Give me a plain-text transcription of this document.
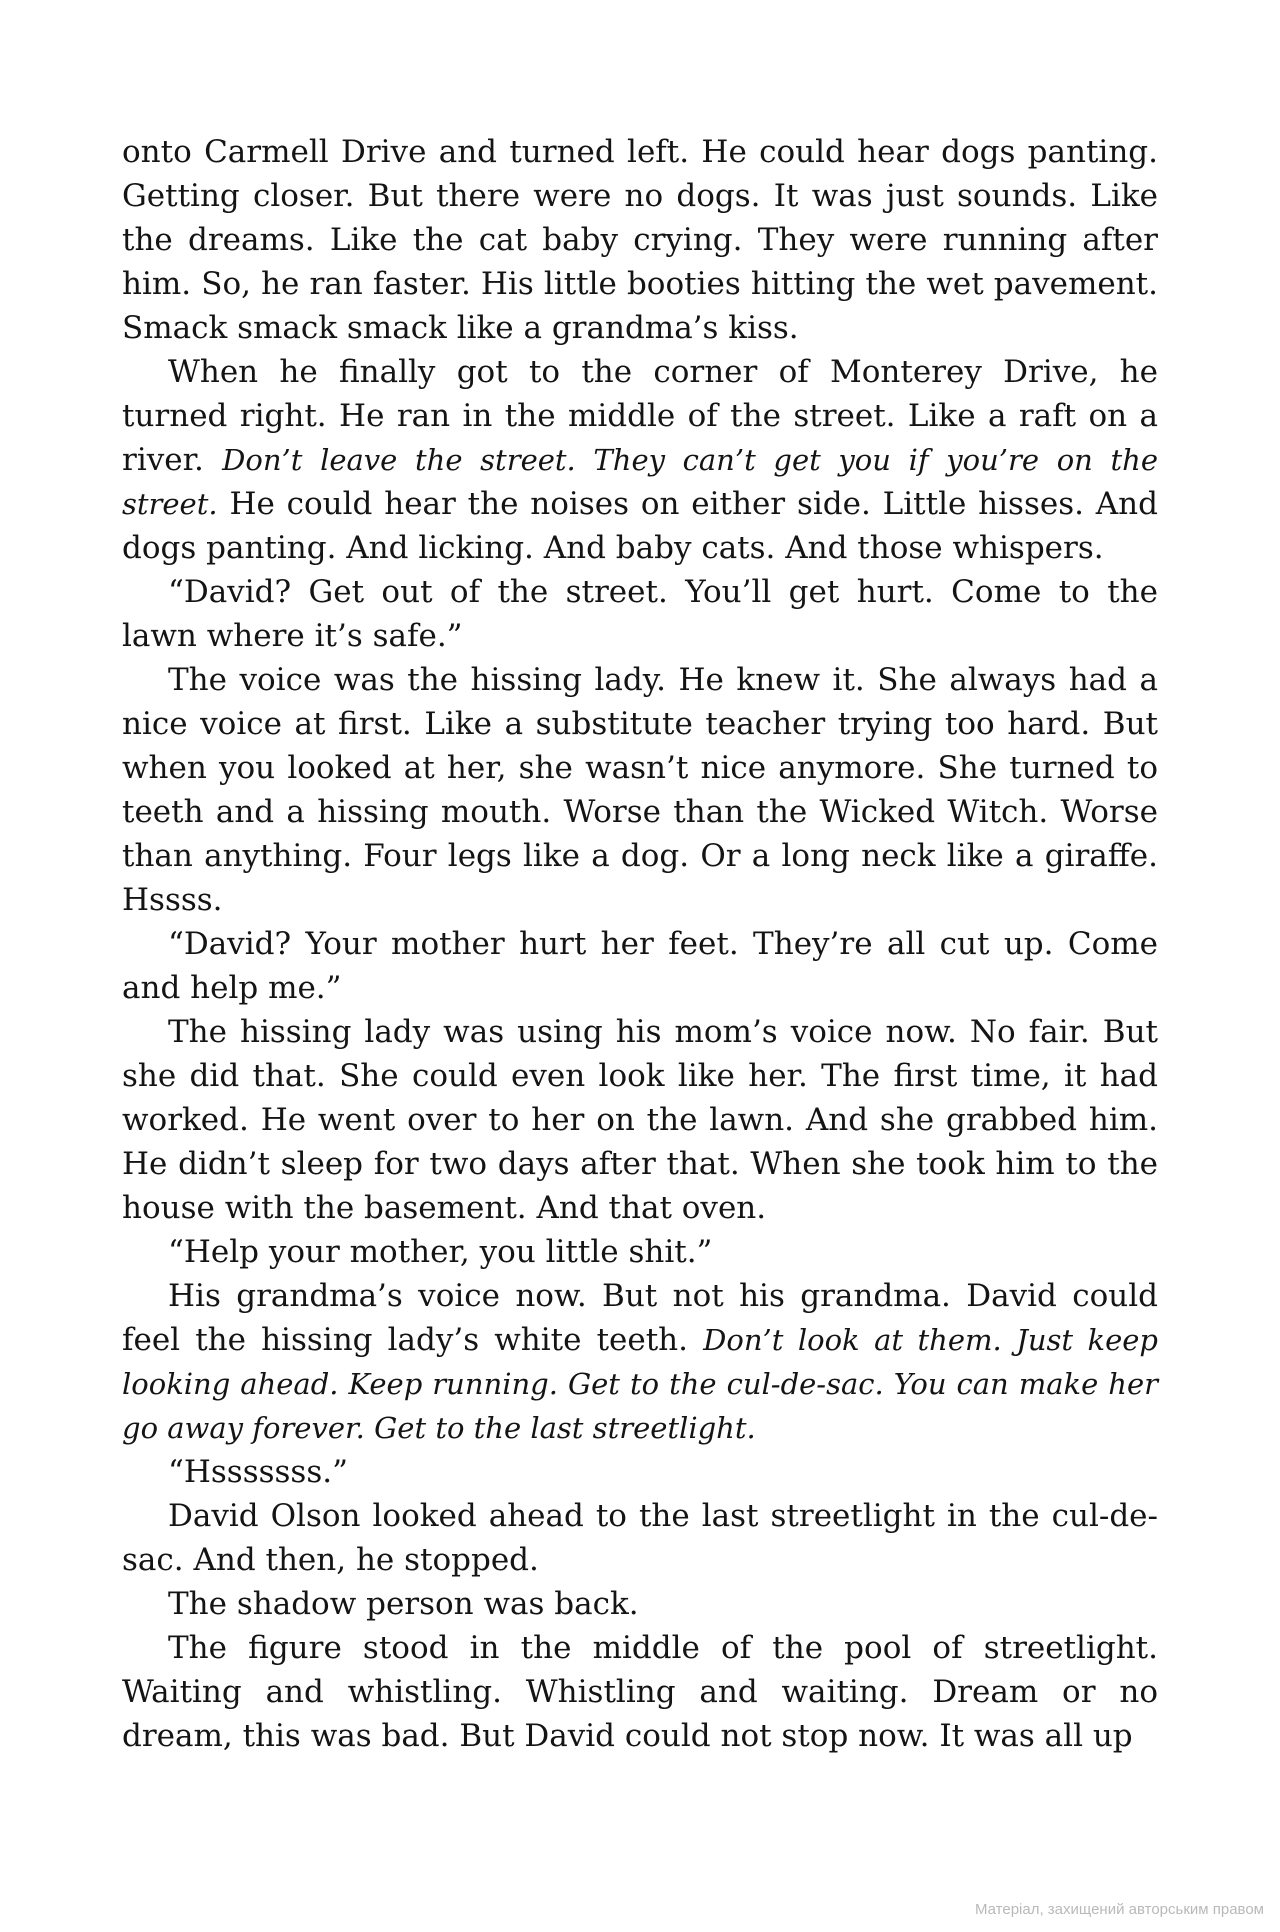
onto Carmell Drive and turned left. He could hear dogs panting. Getting closer. But there were no dogs. It was just sounds. Like the dreams. Like the cat baby crying. They were running after him. So, he ran faster. His little booties hitting the wet pavement. Smack smack smack like a grandma’s kiss.

When he finally got to the corner of Monterey Drive, he turned right. He ran in the middle of the street. Like a raft on a river. Don’t leave the street. They can’t get you if you’re on the street. He could hear the noises on either side. Little hisses. And dogs panting. And licking. And baby cats. And those whispers.

“David? Get out of the street. You’ll get hurt. Come to the lawn where it’s safe.”

The voice was the hissing lady. He knew it. She always had a nice voice at first. Like a substitute teacher trying too hard. But when you looked at her, she wasn’t nice anymore. She turned to teeth and a hissing mouth. Worse than the Wicked Witch. Worse than anything. Four legs like a dog. Or a long neck like a giraffe. Hssss.

“David? Your mother hurt her feet. They’re all cut up. Come and help me.”

The hissing lady was using his mom’s voice now. No fair. But she did that. She could even look like her. The first time, it had worked. He went over to her on the lawn. And she grabbed him. He didn’t sleep for two days after that. When she took him to the house with the basement. And that oven.

“Help your mother, you little shit.”

His grandma’s voice now. But not his grandma. David could feel the hissing lady’s white teeth. Don’t look at them. Just keep looking ahead. Keep running. Get to the cul-de-sac. You can make her go away forever. Get to the last streetlight.

“Hsssssss.”

David Olson looked ahead to the last streetlight in the cul-de-sac. And then, he stopped.

The shadow person was back.

The figure stood in the middle of the pool of streetlight. Waiting and whistling. Whistling and waiting. Dream or no dream, this was bad. But David could not stop now. It was all up

Матеріал, захищений авторським правом
